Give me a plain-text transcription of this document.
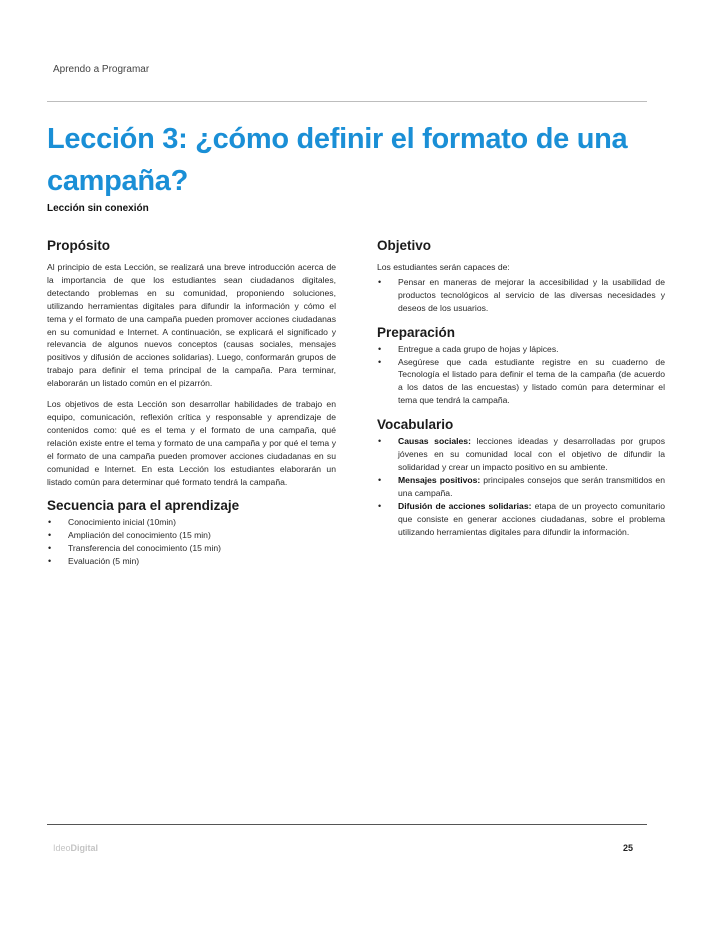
Aprendo a Programar
Lección 3: ¿cómo definir el formato de una campaña?
Lección sin conexión
Propósito

Al principio de esta Lección, se realizará una breve introducción acerca de la importancia de que los estudiantes sean ciudadanos digitales, detectando problemas en su comunidad, proponiendo soluciones, utilizando herramientas digitales para difundir la información y cómo el tema y el formato de una campaña pueden promover acciones ciudadanas en su comunidad e Internet. A continuación, se explicará el significado y relevancia de algunos nuevos conceptos (causas sociales, mensajes positivos y difusión de acciones solidarias). Luego, conformarán grupos de trabajo para definir el tema principal de la campaña. Para terminar, elaborarán un listado común en el pizarrón.

Los objetivos de esta Lección son desarrollar habilidades de trabajo en equipo, comunicación, reflexión crítica y responsable y aprendizaje de contenidos como: qué es el tema y el formato de una campaña, qué relación existe entre el tema y formato de una campaña y por qué el tema y el formato de una campaña pueden promover acciones ciudadanas en su comunidad e Internet. En esta Lección los estudiantes elaborarán un listado común para determinar qué formato tendrá la campaña.

Secuencia para el aprendizaje
• Conocimiento inicial (10min)
• Ampliación del conocimiento (15 min)
• Transferencia del conocimiento (15 min)
• Evaluación (5 min)
Objetivo

Los estudiantes serán capaces de:

• Pensar en maneras de mejorar la accesibilidad y la usabilidad de productos tecnológicos al servicio de las diversas necesidades y deseos de los usuarios.
Preparación
• Entregue a cada grupo de hojas y lápices.
• Asegúrese que cada estudiante registre en su cuaderno de Tecnología el listado para definir el tema de la campaña (de acuerdo a los datos de las encuestas) y listado común para determinar el tema que tendrá la campaña.
Vocabulario
• Causas sociales: lecciones ideadas y desarrolladas por grupos jóvenes en su comunidad local con el objetivo de difundir la solidaridad y crear un impacto positivo en su ambiente.
• Mensajes positivos: principales consejos que serán transmitidos en una campaña.
• Difusión de acciones solidarias: etapa de un proyecto comunitario que consiste en generar acciones ciudadanas, sobre el problema utilizando herramientas digitales para difundir la información.
IdeoDigital	25
